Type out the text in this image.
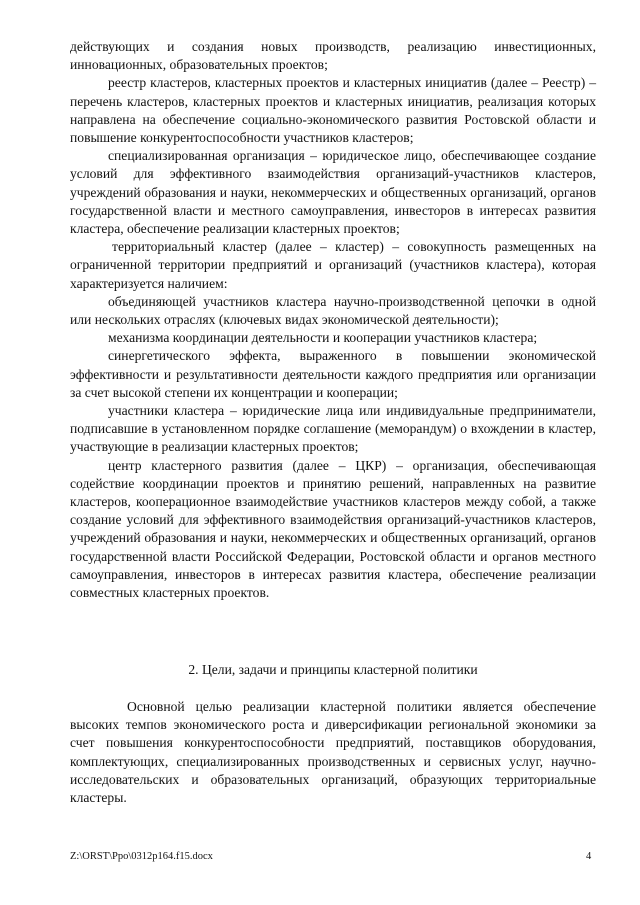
действующих и создания новых производств, реализацию инвестиционных, инновационных, образовательных проектов;

реестр кластеров, кластерных проектов и кластерных инициатив (далее – Реестр) – перечень кластеров, кластерных проектов и кластерных инициатив, реализация которых направлена на обеспечение социально-экономического развития Ростовской области и повышение конкурентоспособности участников кластеров;

специализированная организация – юридическое лицо, обеспечивающее создание условий для эффективного взаимодействия организаций-участников кластеров, учреждений образования и науки, некоммерческих и общественных организаций, органов государственной власти и местного самоуправления, инвесторов в интересах развития кластера, обеспечение реализации кластерных проектов;

территориальный кластер (далее – кластер) – совокупность размещенных на ограниченной территории предприятий и организаций (участников кластера), которая характеризуется наличием:

объединяющей участников кластера научно-производственной цепочки в одной или нескольких отраслях (ключевых видах экономической деятельности);

механизма координации деятельности и кооперации участников кластера;

синергетического эффекта, выраженного в повышении экономической эффективности и результативности деятельности каждого предприятия или организации за счет высокой степени их концентрации и кооперации;

участники кластера – юридические лица или индивидуальные предприниматели, подписавшие в установленном порядке соглашение (меморандум) о вхождении в кластер, участвующие в реализации кластерных проектов;

центр кластерного развития (далее – ЦКР) – организация, обеспечивающая содействие координации проектов и принятию решений, направленных на развитие кластеров, кооперационное взаимодействие участников кластеров между собой, а также создание условий для эффективного взаимодействия организаций-участников кластеров, учреждений образования и науки, некоммерческих и общественных организаций, органов государственной власти Российской Федерации, Ростовской области и органов местного самоуправления, инвесторов в интересах развития кластера, обеспечение реализации совместных кластерных проектов.

2. Цели, задачи и принципы кластерной политики

Основной целью реализации кластерной политики является обеспечение высоких темпов экономического роста и диверсификации региональной экономики за счет повышения конкурентоспособности предприятий, поставщиков оборудования, комплектующих, специализированных производственных и сервисных услуг, научно-исследовательских и образовательных организаций, образующих территориальные кластеры.

Z:\ORST\Ppo\0312p164.f15.docx	4
